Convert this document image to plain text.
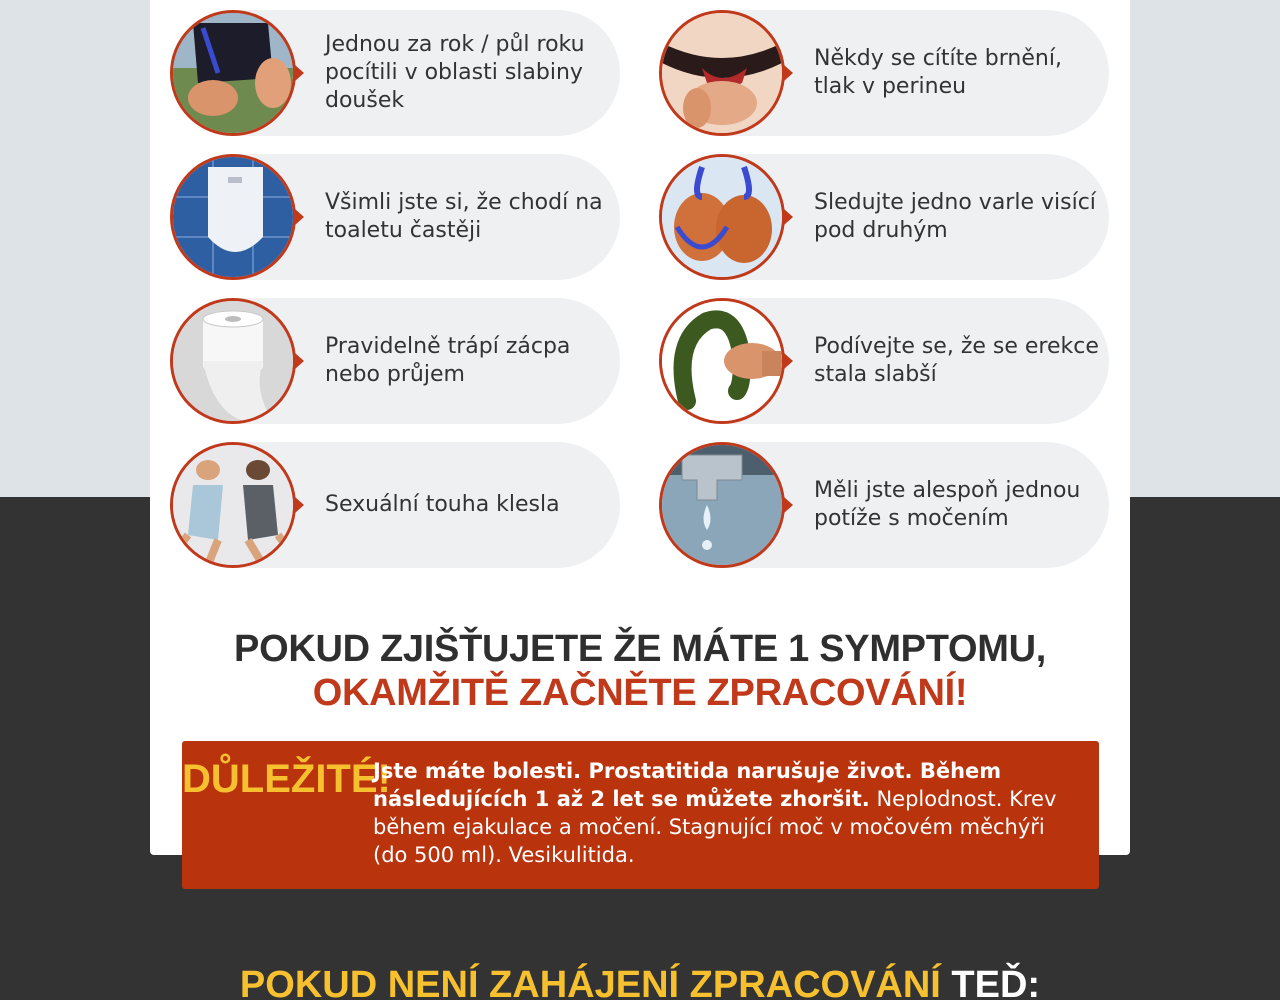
Jednou za rok / půl roku pocítili v oblasti slabiny doušek
Někdy se cítíte brnění, tlak v perineu
Všimli jste si, že chodí na toaletu častěji
Sledujte jedno varle visící pod druhým
Pravidelně trápí zácpa nebo průjem
Podívejte se, že se erekce stala slabší
Sexuální touha klesla
Měli jste alespoň jednou potíže s močením
POKUD ZJIŠŤUJETE ŽE MÁTE 1 SYMPTOMU, OKAMŽITĚ ZAČNĚTE ZPRACOVÁNÍ!
DŮLEŽITÉ!
Jste máte bolesti. Prostatitida narušuje život. Během následujících 1 až 2 let se můžete zhoršit. Neplodnost. Krev během ejakulace a močení. Stagnující moč v močovém měchýři (do 500 ml). Vesikulitida.
POKUD NENÍ ZAHÁJENÍ ZPRACOVÁNÍ TEĎ:
